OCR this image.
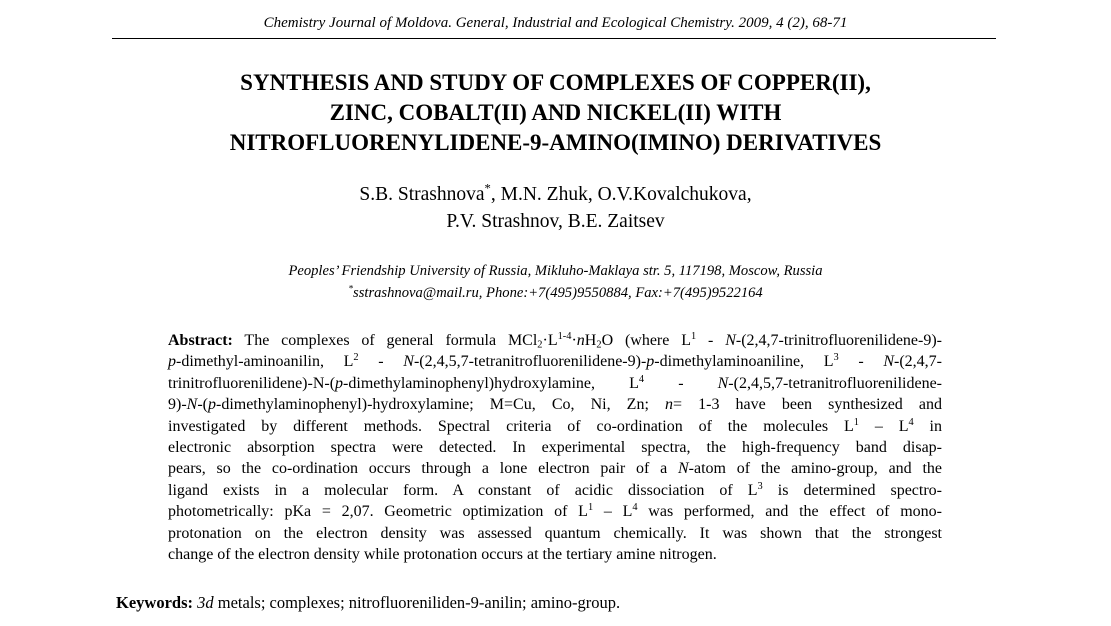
Chemistry Journal of Moldova. General, Industrial and Ecological Chemistry. 2009, 4 (2), 68-71
SYNTHESIS AND STUDY OF COMPLEXES OF COPPER(II),
ZINC, COBALT(II) AND NICKEL(II) WITH
NITROFLUORENYLIDENE-9-AMINO(IMINO) DERIVATIVES
S.B. Strashnova*, M.N. Zhuk, O.V.Kovalchukova,
P.V. Strashnov, B.E. Zaitsev
Peoples’ Friendship University of Russia, Mikluho-Maklaya str. 5, 117198, Moscow, Russia
*sstrashnova@mail.ru, Phone:+7(495)9550884, Fax:+7(495)9522164
Abstract: The complexes of general formula $MCl_2\cdot L^{1-4}\cdot nH_2O$ (where $L^1$ - N-(2,4,7-trinitrofluorenilidene-9)-
p-dimethyl-aminoanilin, $L^2$ - N-(2,4,5,7-tetranitrofluorenilidene-9)-p-dimethylaminoaniline, $L^3 - N-(2,4,7-$
trinitrofluorenilidene)-N-(p-dimethylaminophenyl)hydroxylamine, $L^4$ - N-(2,4,5,7-tetranitrofluorenilidene-
9)-N-(p-dimethylaminophenyl)-hydroxylamine; M=Cu, Co, Ni, Zn; n= 1-3 have been synthesized and
investigated by different methods. Spectral criteria of co-ordination of the molecules $L^1 - L^4$ in
electronic absorption spectra were detected. In experimental spectra, the high-frequency band disap-
pears, so the co-ordination occurs through a lone electron pair of a N-atom of the amino-group, and the
ligand exists in a molecular form. A constant of acidic dissociation of $L^3$ is determined spectro-
photometrically: pKa = 2,07. Geometric optimization of $L^1 - L^4$ was performed, and the effect of mono-
protonation on the electron density was assessed quantum chemically. It was shown that the strongest
change of the electron density while protonation occurs at the tertiary amine nitrogen.
Keywords: 3d metals; complexes; nitrofluoreniliden-9-anilin; amino-group.
